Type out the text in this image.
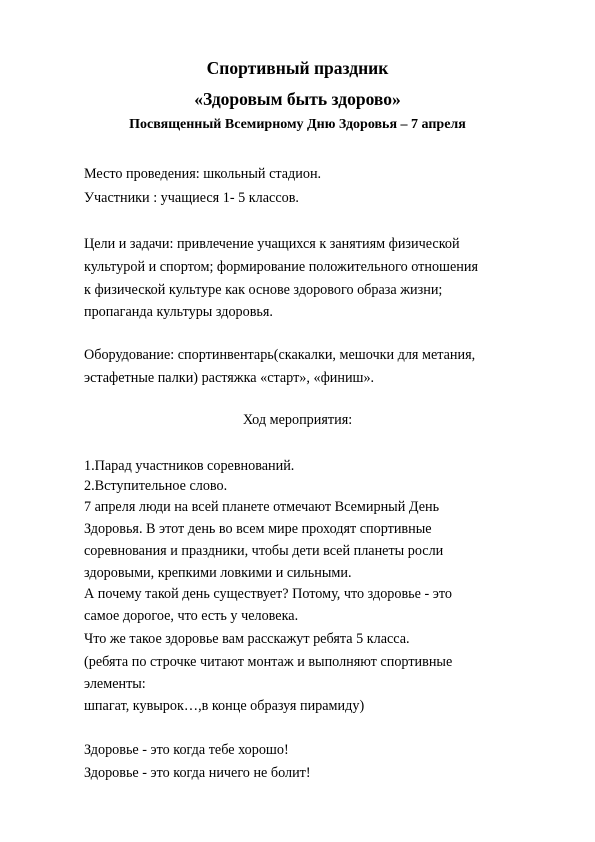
Спортивный праздник
«Здоровым быть здорово»
Посвященный Всемирному Дню Здоровья – 7 апреля
Место проведения: школьный стадион.
Участники : учащиеся 1- 5 классов.
Цели и задачи: привлечение учащихся к занятиям физической
культурой и спортом; формирование положительного отношения
к физической культуре как основе здорового образа жизни;
пропаганда культуры здоровья.
Оборудование: спортинвентарь(скакалки, мешочки для метания,
эстафетные палки) растяжка «старт», «финиш».
Ход мероприятия:
1.Парад участников соревнований.
2.Вступительное слово.
7 апреля люди на всей планете отмечают Всемирный День
Здоровья. В этот день во всем мире проходят спортивные
соревнования и праздники, чтобы дети всей планеты росли
здоровыми, крепкими ловкими и сильными.
А почему такой день существует? Потому, что здоровье - это
самое дорогое, что есть у человека.
Что же такое здоровье вам расскажут ребята 5 класса.
(ребята по строчке читают монтаж и выполняют спортивные
элементы:
шпагат, кувырок…,в конце образуя пирамиду)
Здоровье - это когда тебе хорошо!
Здоровье - это когда ничего не болит!
